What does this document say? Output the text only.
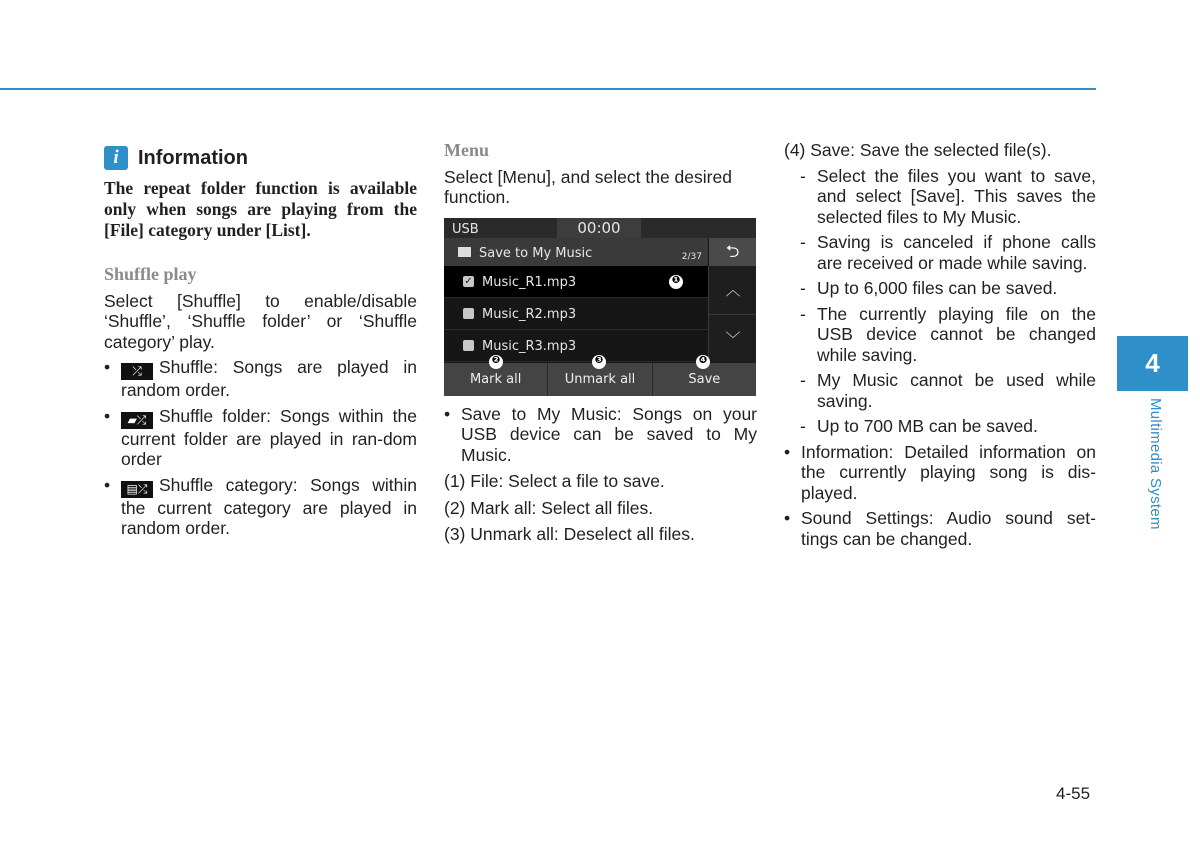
i Information
The repeat folder function is available only when songs are playing from the [File] category under [List].
Shuffle play

Select [Shuffle] to enable/disable ‘Shuffle’, ‘Shuffle folder’ or ‘Shuffle category’ play.

• ⤮ Shuffle: Songs are played in random order.
• ▰⤮ Shuffle folder: Songs within the current folder are played in ran-dom order
• ▤⤮ Shuffle category: Songs within the current category are played in random order.
Menu

Select [Menu], and select the desired function.

USB	00:00
Save to My Music	2/37	⮌
✓ Music_R1.mp3	❶
Music_R2.mp3
Music_R3.mp3
︿
﹀
Mark all	Unmark all	Save
❷	❸	❹
• Save to My Music: Songs on your USB device can be saved to My Music.
(1) File: Select a file to save.
(2) Mark all: Select all files.
(3) Unmark all: Deselect all files.
(4) Save: Save the selected file(s).
- Select the files you want to save, and select [Save]. This saves the selected files to My Music.
- Saving is canceled if phone calls are received or made while saving.
- Up to 6,000 files can be saved.
- The currently playing file on the USB device cannot be changed while saving.
- My Music cannot be used while saving.
- Up to 700 MB can be saved.
• Information: Detailed information on the currently playing song is dis-played.
• Sound Settings: Audio sound set-tings can be changed.
4
Multimedia System
4-55
